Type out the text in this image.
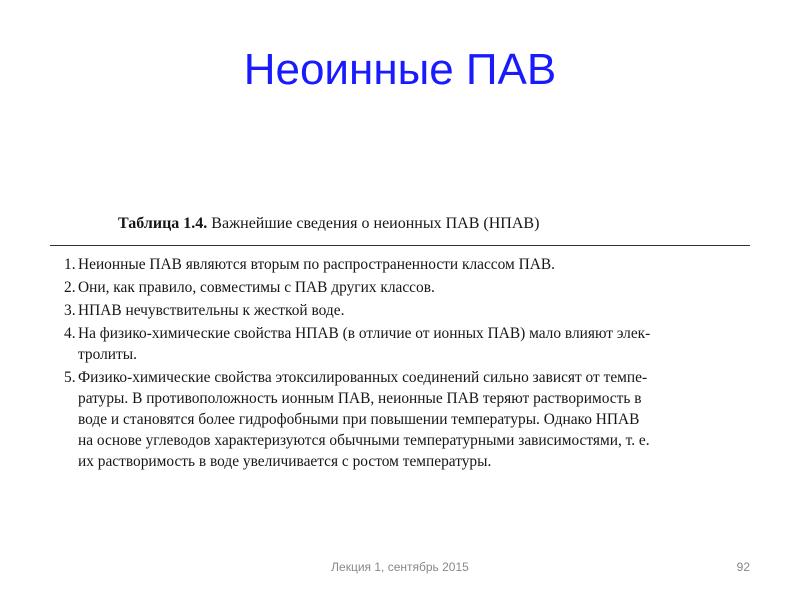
Неоинные ПАВ
Таблица 1.4. Важнейшие сведения о неионных ПАВ (НПАВ)
1. Неионные ПАВ являются вторым по распространенности классом ПАВ.
2. Они, как правило, совместимы с ПАВ других классов.
3. НПАВ нечувствительны к жесткой воде.
4. На физико-химические свойства НПАВ (в отличие от ионных ПАВ) мало влияют элек-
тролиты.
5. Физико-химические свойства этоксилированных соединений сильно зависят от темпе-
ратуры. В противоположность ионным ПАВ, неионные ПАВ теряют растворимость в
воде и становятся более гидрофобными при повышении температуры. Однако НПАВ
на основе углеводов характеризуются обычными температурными зависимостями, т. е.
их растворимость в воде увеличивается с ростом температуры.
Лекция 1, сентябрь 2015	92
